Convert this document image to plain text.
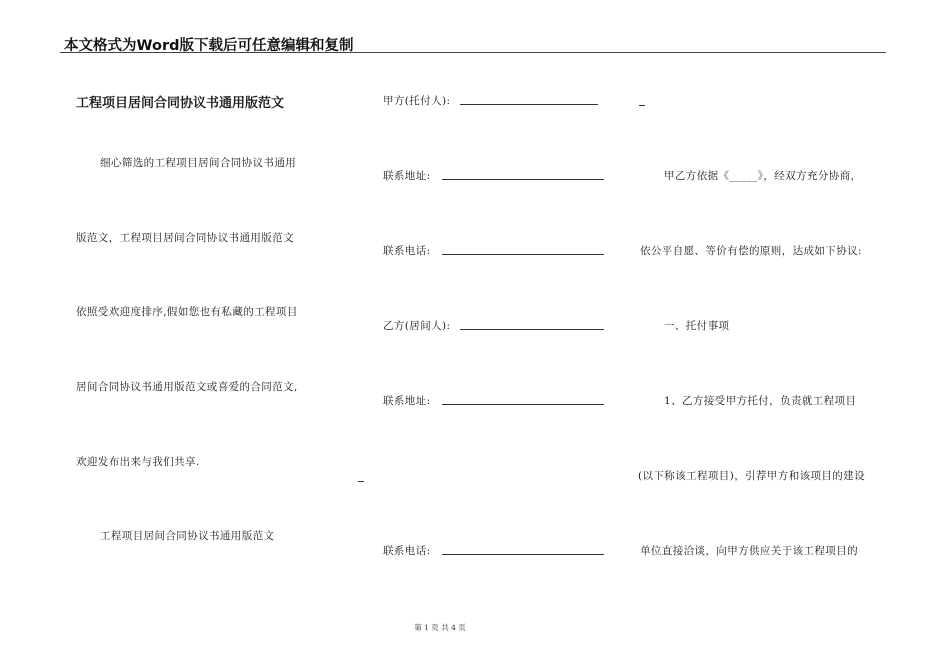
本文格式为Word版下载后可任意编辑和复制
工程项目居间合同协议书通用版范文
细心筛选的工程项目居间合同协议书通用
版范文，工程项目居间合同协议书通用版范文
依照受欢迎度排序,假如您也有私藏的工程项目
居间合同协议书通用版范文或喜爱的合同范文,
欢迎发布出来与我们共享.
工程项目居间合同协议书通用版范文
甲方(托付人):
联系地址:
联系电话:
乙方(居间人):
联系地址:
联系电话:
甲乙方依据《_____》，经双方充分协商，
依公平自愿、等价有偿的原则，达成如下协议:
一、托付事项
1、乙方接受甲方托付，负责就工程项目
(以下称该工程项目)，引荐甲方和该项目的建设
单位直接洽谈，向甲方供应关于该工程项目的
第 1 页 共 4 页
